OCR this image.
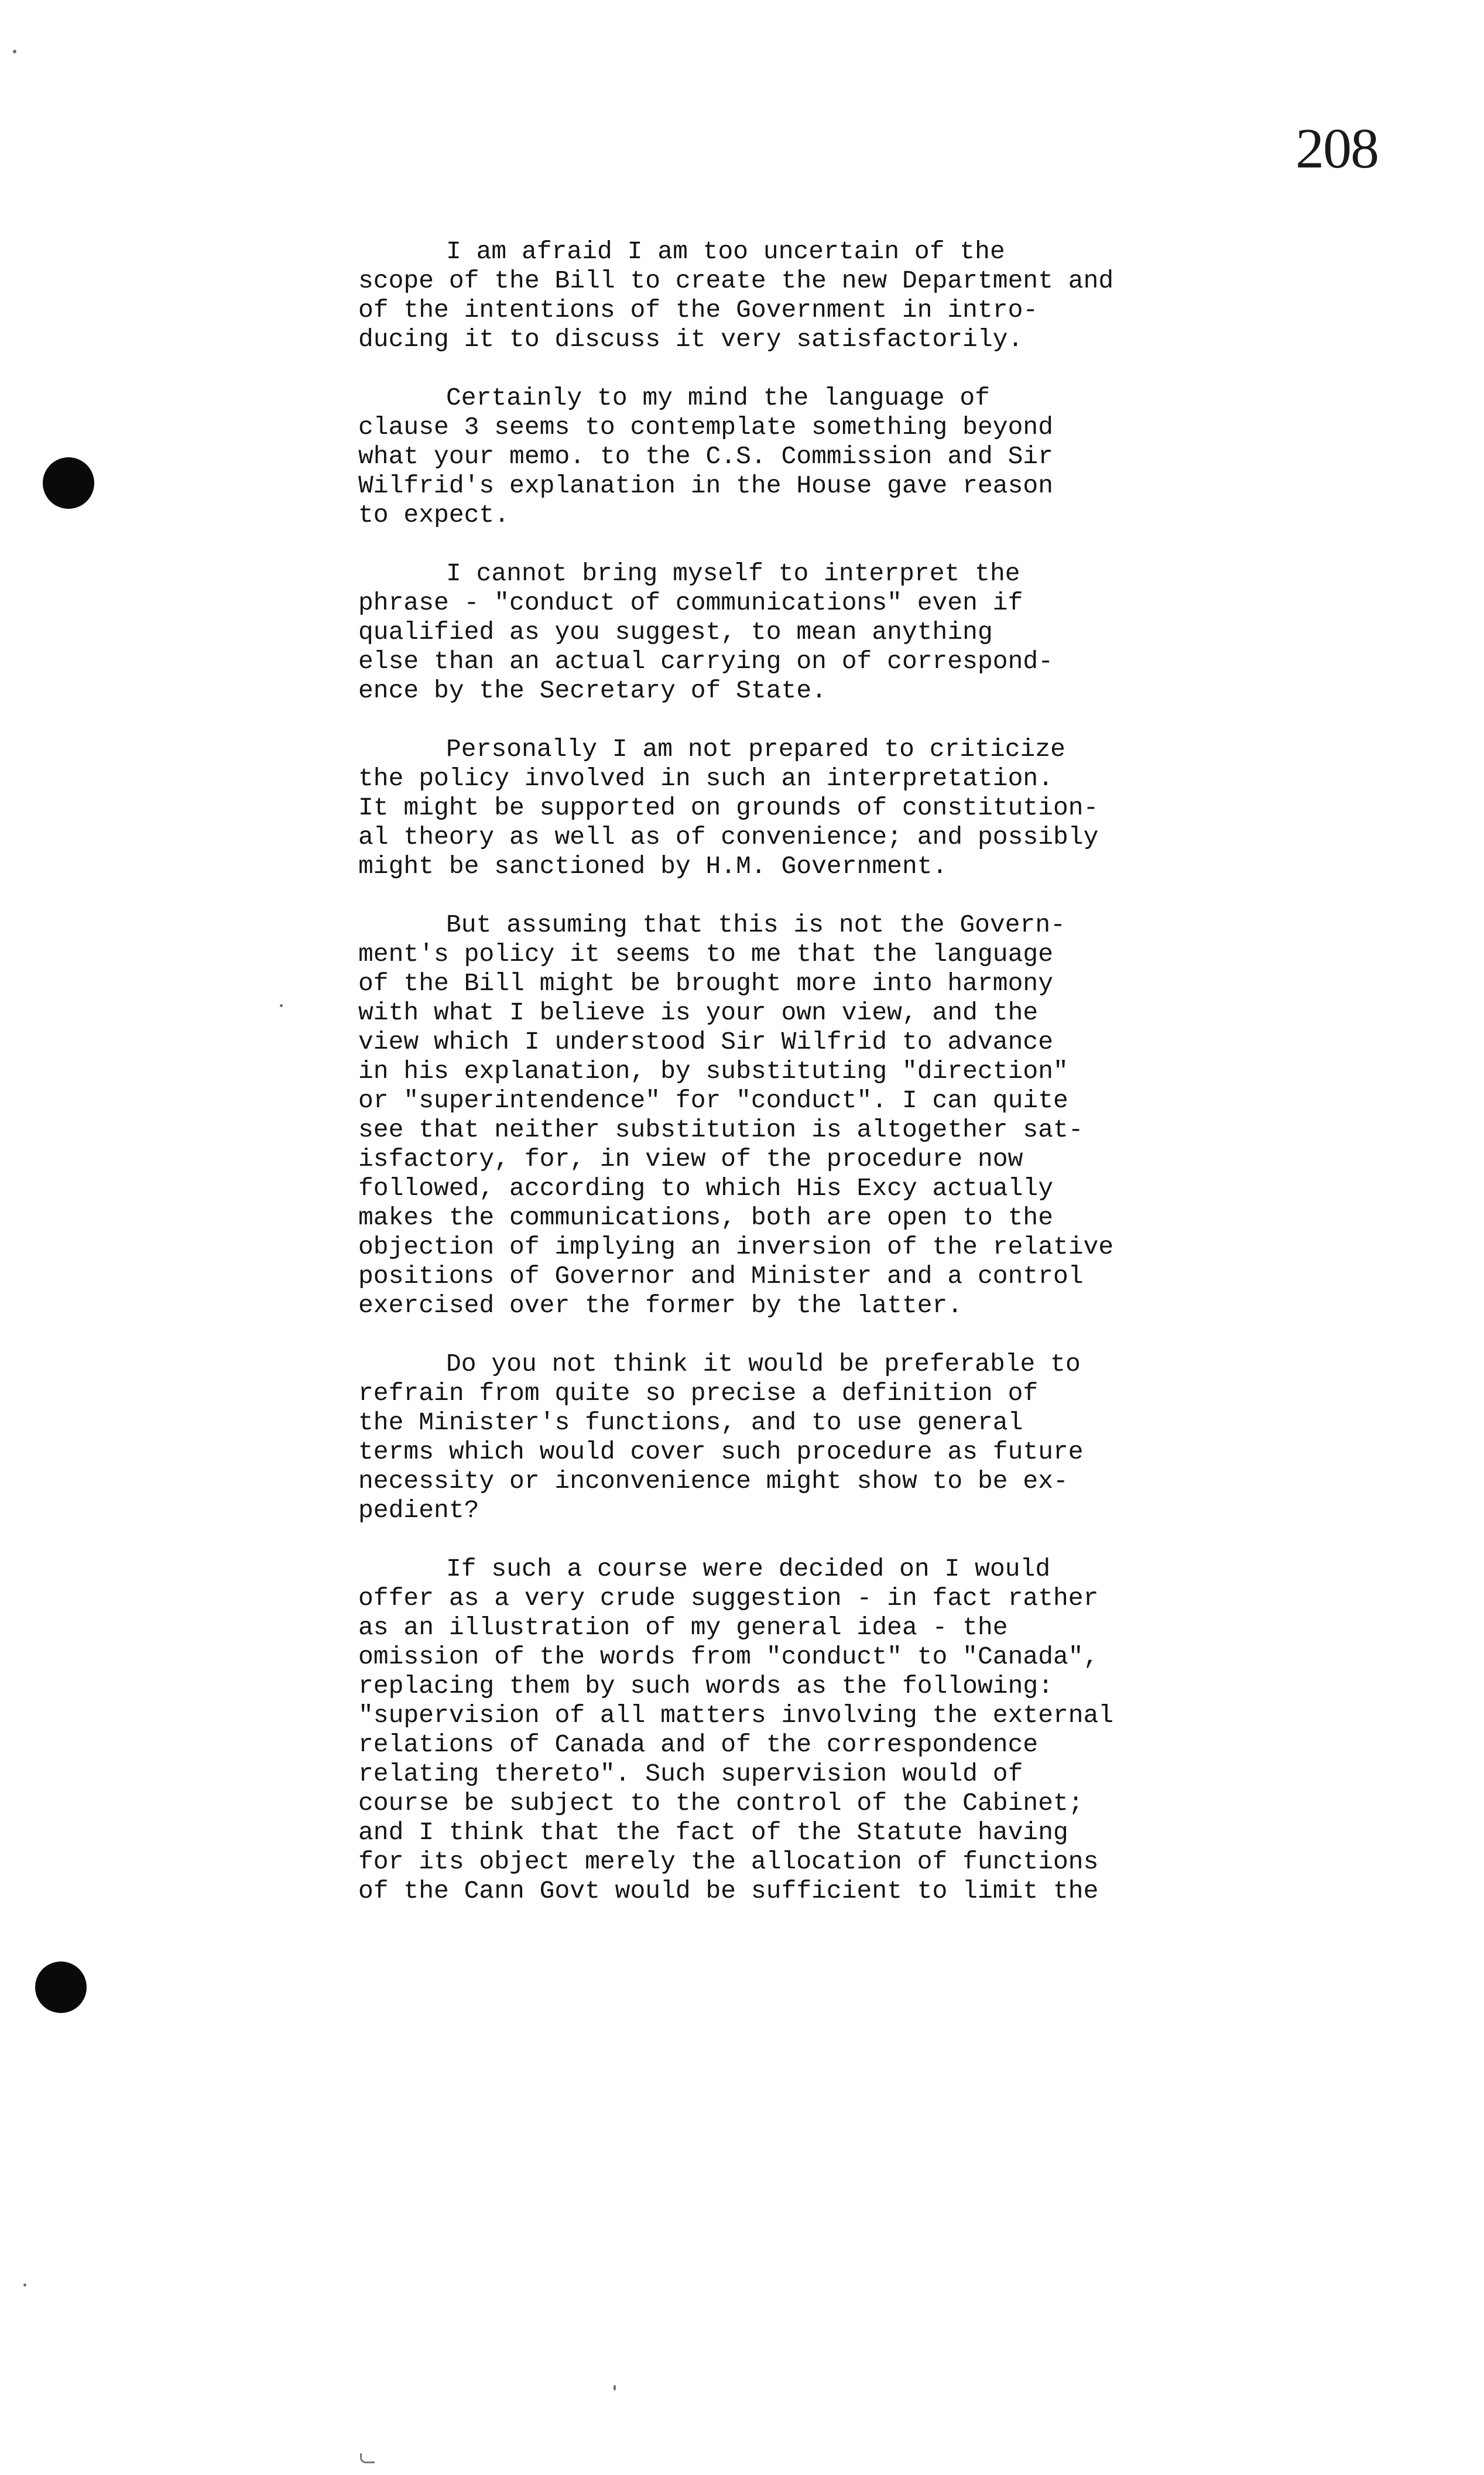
208
I am afraid I am too uncertain of the
scope of the Bill to create the new Department and
of the intentions of the Government in intro-
ducing it to discuss it very satisfactorily.
Certainly to my mind the language of
clause 3 seems to contemplate something beyond
what your memo. to the C.S. Commission and Sir
Wilfrid's explanation in the House gave reason
to expect.
I cannot bring myself to interpret the
phrase - "conduct of communications" even if
qualified as you suggest, to mean anything
else than an actual carrying on of correspond-
ence by the Secretary of State.
Personally I am not prepared to criticize
the policy involved in such an interpretation.
It might be supported on grounds of constitution-
al theory as well as of convenience; and possibly
might be sanctioned by H.M. Government.
But assuming that this is not the Govern-
ment's policy it seems to me that the language
of the Bill might be brought more into harmony
with what I believe is your own view, and the
view which I understood Sir Wilfrid to advance
in his explanation, by substituting "direction"
or "superintendence" for "conduct". I can quite
see that neither substitution is altogether sat-
isfactory, for, in view of the procedure now
followed, according to which His Excy actually
makes the communications, both are open to the
objection of implying an inversion of the relative
positions of Governor and Minister and a control
exercised over the former by the latter.
Do you not think it would be preferable to
refrain from quite so precise a definition of
the Minister's functions, and to use general
terms which would cover such procedure as future
necessity or inconvenience might show to be ex-
pedient?
If such a course were decided on I would
offer as a very crude suggestion - in fact rather
as an illustration of my general idea - the
omission of the words from "conduct" to "Canada",
replacing them by such words as the following:
"supervision of all matters involving the external
relations of Canada and of the correspondence
relating thereto". Such supervision would of
course be subject to the control of the Cabinet;
and I think that the fact of the Statute having
for its object merely the allocation of functions
of the Cann Govt would be sufficient to limit the
